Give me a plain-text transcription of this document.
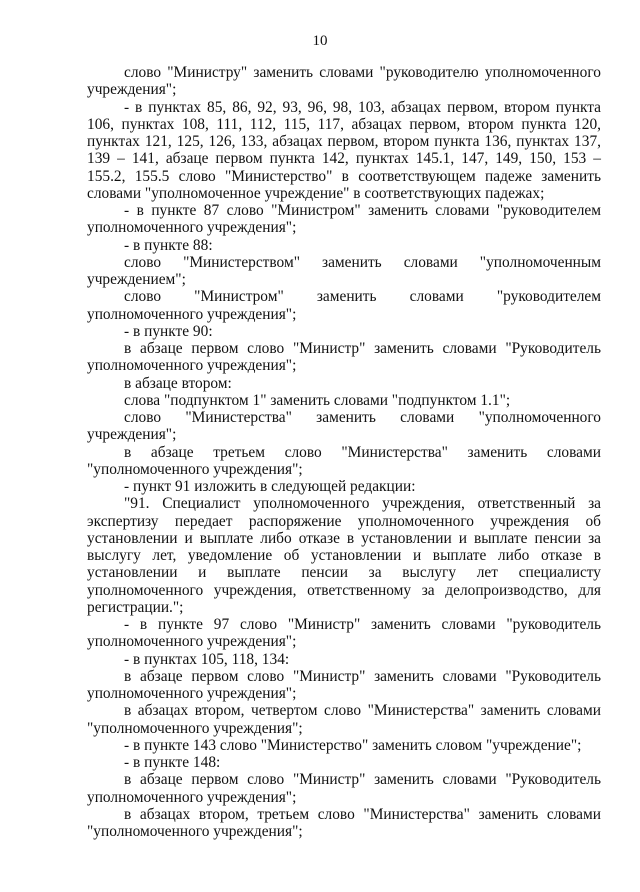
10

слово "Министру" заменить словами "руководителю уполномоченного учреждения";

- в пунктах 85, 86, 92, 93, 96, 98, 103, абзацах первом, втором пункта 106, пунктах 108, 111, 112, 115, 117, абзацах первом, втором пункта 120, пунктах 121, 125, 126, 133, абзацах первом, втором пункта 136, пунктах 137, 139 – 141, абзаце первом пункта 142, пунктах 145.1, 147, 149, 150, 153 – 155.2, 155.5 слово "Министерство" в соответствующем падеже заменить словами "уполномоченное учреждение" в соответствующих падежах;

- в пункте 87 слово "Министром" заменить словами "руководителем уполномоченного учреждения";

- в пункте 88:

слово "Министерством" заменить словами "уполномоченным учреждением";

слово "Министром" заменить словами "руководителем уполномоченного учреждения";

- в пункте 90:

в абзаце первом слово "Министр" заменить словами "Руководитель уполномоченного учреждения";

в абзаце втором:

слова "подпунктом 1" заменить словами "подпунктом 1.1";

слово "Министерства" заменить словами "уполномоченного учреждения";

в абзаце третьем слово "Министерства" заменить словами "уполномоченного учреждения";

- пункт 91 изложить в следующей редакции:

"91. Специалист уполномоченного учреждения, ответственный за экспертизу передает распоряжение уполномоченного учреждения об установлении и выплате либо отказе в установлении и выплате пенсии за выслугу лет, уведомление об установлении и выплате либо отказе в установлении и выплате пенсии за выслугу лет специалисту уполномоченного учреждения, ответственному за делопроизводство, для регистрации.";

- в пункте 97 слово "Министр" заменить словами "руководитель уполномоченного учреждения";

- в пунктах 105, 118, 134:

в абзаце первом слово "Министр" заменить словами "Руководитель уполномоченного учреждения";

в абзацах втором, четвертом слово "Министерства" заменить словами "уполномоченного учреждения";

- в пункте 143 слово "Министерство" заменить словом "учреждение";

- в пункте 148:

в абзаце первом слово "Министр" заменить словами "Руководитель уполномоченного учреждения";

в абзацах втором, третьем слово "Министерства" заменить словами "уполномоченного учреждения";
